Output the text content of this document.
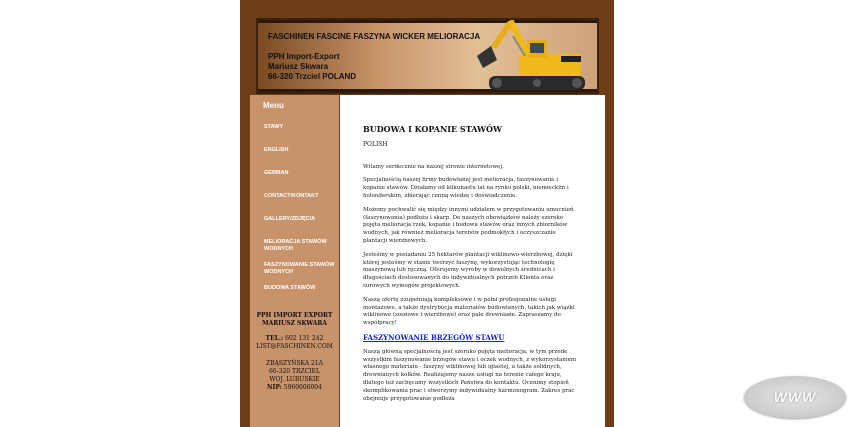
FASCHINEN FASCINE FASZYNA WICKER MELIORACJA
PPH Import-Export
Mariusz Skwara
66-320 Trzciel POLAND
Menu
STAWY
ENGLISH
GERMAN
CONTACT/KONTAKT
GALLERY/ZDJĘCIA
MELIORACJA STAWÓW WODNYCH
FASZYNOWANIE STAWÓW WODNYCH
BUDOWA STAWÓW
PPH IMPORT EXPORT
MARIUSZ SKWARA
TEL.: 602 131 242
LIST@FASCHINEN.COM
ZBĄSZYŃSKA 21A
66-320 TRZCIEL
WOJ. LUBUSKIE
NIP: 5960006004
BUDOWA I KOPANIE STAWÓW
POLISH

Witamy serdecznie na naszej stronie internetowej.

Specjalnością naszej firmy budowlanej jest melioracja, faszynowanie i kopanie stawów. Działamy od kilkunastu lat na rynku polski, niemieckim i holenderskim, zbierając cenną wiedzę i doświadczenie.

Możemy pochwalić się między innymi udziałem w przygotowaniu umocnień (faszynowania) podłoża i skarp. Do naszych obowiązków należy szeroko pojęta melioracja rzek, kopanie i budowa stawów oraz innych zbiorników wodnych, jak również melioracja terenów podmokłych i oczyszczanie plantacji wierzbowych.

Jesteśmy w posiadaniu 25 hektarów plantacji wiklinowo-wierzbowej, dzięki której jesteśmy w stanie tworzyć faszynę, wykorzystując technologię maszynową lub ręczną. Oferujemy wyroby w dowolnych średnicach i długościach dostosowanych do indywidualnych potrzeb Klienta oraz surowych wymogów projektowych.

Naszą ofertę uzupełniają kompleksowe i w pełni profesjonalne usługi montażowe, a także dystrybucja materiałów budowlanych, takich jak wiązki wiklinowe (sosnowe i wierzbowe) oraz pale drewniane. Zapraszamy do współpracy!

FASZYNOWANIE BRZEGÓW STAWU

Naszą główną specjalnością jest szeroko pojęta melioracja, w tym przede wszystkim faszynowanie brzegów stawu i oczek wodnych, z wykorzystaniem własnego materiału - faszyny wiklinowej lub iglastej, a także solidnych, drewnianych kołków. Realizujemy nasze usługi na terenie całego kraju, dlatego też zachęcamy wszystkich Państwa do kontaktu. Ocenimy stopień skomplikowania prac i stworzymy indywidualny harmonogram. Zakres prac obejmuje przygotowanie podłoża	WWW
